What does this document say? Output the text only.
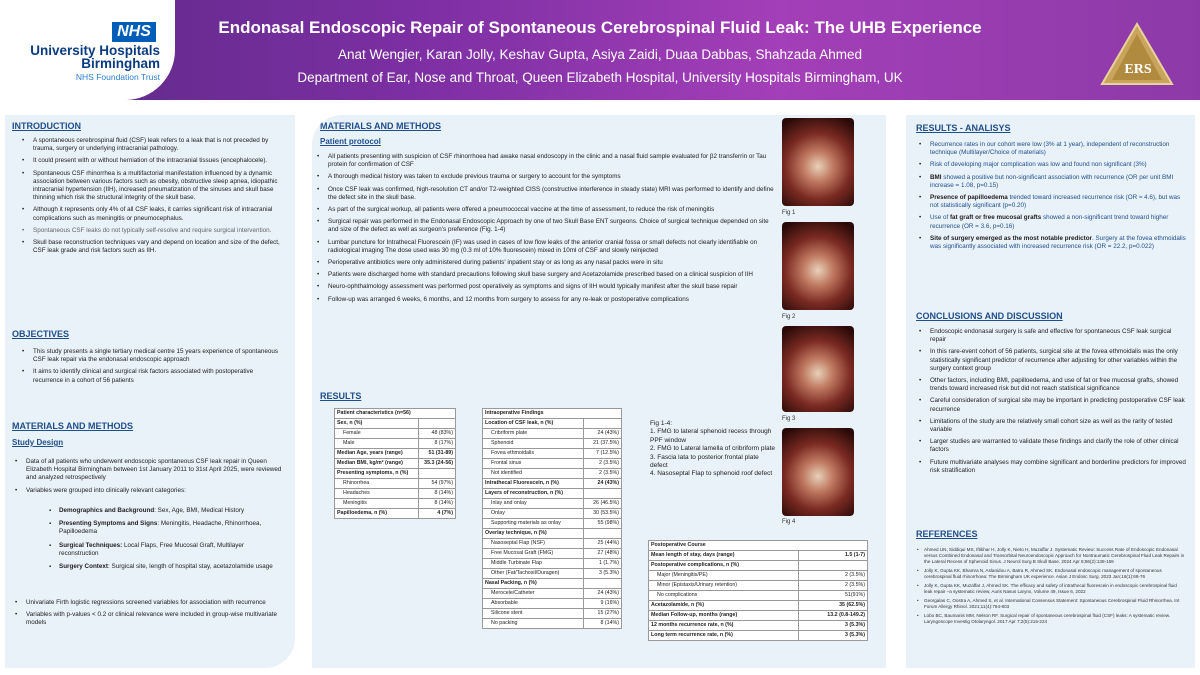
NHS
University Hospitals Birmingham
NHS Foundation Trust
Endonasal Endoscopic Repair of Spontaneous Cerebrospinal Fluid Leak: The UHB Experience
Anat Wengier, Karan Jolly, Keshav Gupta, Asiya Zaidi, Duaa Dabbas, Shahzada Ahmed
Department of Ear, Nose and Throat, Queen Elizabeth Hospital, University Hospitals Birmingham, UK
ERS
INTRODUCTION
• A spontaneous cerebrospinal fluid (CSF) leak refers to a leak that is not preceded by trauma, surgery or underlying intracranial pathology.
• It could present with or without herniation of the intracranial tissues (encephalocele).
• Spontaneous CSF rhinorrhea is a multifactorial manifestation influenced by a dynamic association between various factors such as obesity, obstructive sleep apnea, idiopathic intracranial hypertension (IIH), increased pneumatization of the sinuses and skull base thinning which risk the structural integrity of the skull base.
• Although it represents only 4% of all CSF leaks, it carries significant risk of intracranial complications such as meningitis or pneumocephalus.
• Spontaneous CSF leaks do not typically self-resolve and require surgical intervention.
• Skull base reconstruction techniques vary and depend on location and size of the defect, CSF leak grade and risk factors such as IIH.
OBJECTIVES
• This study presents a single tertiary medical centre 15 years experience of spontaneous CSF leak repair via the endonasal endoscopic approach
• It aims to identify clinical and surgical risk factors associated with postoperative recurrence in a cohort of 56 patients
MATERIALS AND METHODS
Study Design
• Data of all patients who underwent endoscopic spontaneous CSF leak repair in Queen Elizabeth Hospital Birmingham between 1st January 2011 to 31st April 2025, were reviewed and analyzed retrospectively
• Variables were grouped into clinically relevant categories:
▪ Demographics and Background: Sex, Age, BMI, Medical History
▪ Presenting Symptoms and Signs: Meningitis, Headache, Rhinorrhoea, Papilloedema
▪ Surgical Techniques: Local Flaps, Free Mucosal Graft, Multilayer reconstruction
▪ Surgery Context: Surgical site, length of hospital stay, acetazolamide usage
• Univariate Firth logistic regressions screened variables for association with recurrence
• Variables with p-values < 0.2 or clinical relevance were included in group-wise multivariate models
MATERIALS AND METHODS
Patient protocol
• All patients presenting with suspicion of CSF rhinorrhoea had awake nasal endoscopy in the clinic and a nasal fluid sample evaluated for β2 transferrin or Tau protein for confirmation of CSF
• A thorough medical history was taken to exclude previous trauma or surgery to account for the symptoms
• Once CSF leak was confirmed, high-resolution CT and/or T2-weighted CISS (constructive interference in steady state) MRI was performed to identify and define the defect site in the skull base.
• As part of the surgical workup, all patients were offered a pneumococcal vaccine at the time of assessment, to reduce the risk of meningitis
• Surgical repair was performed in the Endonasal Endoscopic Approach by one of two Skull Base ENT surgeons. Choice of surgical technique depended on site and size of the defect as well as surgeon’s preference (Fig. 1-4)
• Lumbar puncture for Intrathecal Fluorescein (IF) was used in cases of low flow leaks of the anterior cranial fossa or small defects not clearly identifiable on radiological imaging The dose used was 30 mg (0.3 ml of 10% fluorescein) mixed in 10ml of CSF and slowly reinjected
• Perioperative antibiotics were only administered during patients' inpatient stay or as long as any nasal packs were in situ
• Patients were discharged home with standard precautions following skull base surgery and Acetazolamide prescribed based on a clinical suspicion of IIH
• Neuro-ophthalmology assessment was performed post operatively as symptoms and signs of IIH would typically manifest after the skull base repair
• Follow-up was arranged 6 weeks, 6 months, and 12 months from surgery to assess for any re-leak or postoperative complications
RESULTS
Patient characteristics (n=56)	
Sex, n (%)	
Female	48 (83%)
Male	8 (17%)
Median Age, years (range)	51 (31-89)
Median BMI, kg/m² (range)	35.3 (24-56)
Presenting symptoms, n (%)	
Rhinorrhea	54 (97%)
Headaches	8 (14%)
Meningitis	8 (14%)
Papilloedema, n (%)	4 (7%)
Intraoperative Findings	
Location of CSF leak, n (%)	
Cribriform plate	24 (43%)
Sphenoid	21 (37.5%)
Fovea ethmoidalis	7 (12.5%)
Frontal sinus	2 (3.5%)
Not identified	2 (3.5%)
Intrathecal Fluorescein, n (%)	24 (43%)
Layers of reconstruction, n (%)	
Inlay and onlay	26 (46.5%)
Onlay	30 (53.5%)
Supporting materials as onlay	55 (98%)
Overlay technique, n (%)	
Nasoseptal Flap (NSF)	25 (44%)
Free Mucosal Graft (FMG)	27 (48%)
Middle Turbinate Flap	1 (1.7%)
Other (Fat/Tachosil/Duragen)	3 (5.3%)
Nasal Packing, n (%)	
Merocele/Catheter	24 (43%)
Absorbable	9 (16%)
Silicone stent	15 (27%)
No packing	8 (14%)
Postoperative Course	
Mean length of stay, days (range)	1.5 (1-7)
Postoperative complications, n (%)	
Major (Meningitis/PE)	2 (3.5%)
Minor (Epistaxis/Urinary retention)	2 (3.5%)
No complications	51(91%)
Acetazolamide, n (%)	35 (62.5%)
Median Follow-up, months (range)	13.2 (0.8-149.2)
12 months recurrence rate, n (%)	3 (5.3%)
Long term recurrence rate, n (%)	3 (5.3%)
Fig 1
Fig 2
Fig 3
Fig 4
Fig 1-4:
1. FMG to lateral sphenoid recess through PPF window
2. FMG to Lateral lamella of cribriform plate
3. Fascia lata to posterior frontal plate defect
4. Nasoseptal Flap to sphenoid roof defect
RESULTS - ANALISYS
• Recurrence rates in our cohort were low (3% at 1 year), independent of reconstruction technique (Multilayer/Choice of materials)
• Risk of developing major complication was low and found non significant (3%)
• BMI showed a positive but non-significant association with recurrence (OR per unit BMI increase = 1.08, p=0.15)
• Presence of papilloedema trended toward increased recurrence risk (OR ≈ 4.6), but was not statistically significant (p=0.20)
• Use of fat graft or free mucosal grafts showed a non-significant trend toward higher recurrence (OR = 3.6, p=0.16)
• Site of surgery emerged as the most notable predictor. Surgery at the fovea ethmoidalis was significantly associated with increased recurrence risk (OR = 22.2, p=0.022)
CONCLUSIONS AND DISCUSSION
• Endoscopic endonasal surgery is safe and effective for spontaneous CSF leak surgical repair
• In this rare-event cohort of 56 patients, surgical site at the fovea ethmoidalis was the only statistically significant predictor of recurrence after adjusting for other variables within the surgery context group
• Other factors, including BMI, papilloedema, and use of fat or free mucosal grafts, showed trends toward increased risk but did not reach statistical significance
• Careful consideration of surgical site may be important in predicting postoperative CSF leak recurrence
• Limitations of the study are the relatively small cohort size as well as the rarity of tested variable
• Larger studies are warranted to validate these findings and clarify the role of other clinical factors
• Future multivariate analyses may combine significant and borderline predictors for improved risk stratification
REFERENCES
• Ahmed UN, Siddiqui MS, Iftikhar H, Jolly K, Nieto H, Muzaffar J. Systematic Review: Success Rate of Endoscopic Endonasal versus Combined Endonasal and Transorbital Neuroendoscopic Approach for Nontraumatic Cerebrospinal Fluid Leak Repairs in the Lateral Recess of Sphenoid Sinus. J Neurol Surg B Skull Base. 2024 Apr 8;86(2):138-159
• Jolly K, Gupta KK, Bhamra N, Aslanidou A, Batra R, Ahmed SK. Endonasal endoscopic management of spontaneous cerebrospinal fluid rhinorrhoea: The Birmingham UK experience. Asian J Endosc Surg. 2023 Jan;16(1):68-76
• Jolly K, Gupta KK, Muzaffar J, Ahmed SK. The efficacy and safety of intrathecal fluorescein in endoscopic cerebrospinal fluid leak repair –a systematic review, Auris Nasus Larynx, Volume 49, Issue 6, 2022
• Georgalas C, Oostra A, Ahmed S, et al. International Consensus Statement: Spontaneous Cerebrospinal Fluid Rhinorrhea. Int Forum Allergy Rhinol. 2021;11(4):794-803
• Lobo BC, Baumanis MM, Nelson RF. Surgical repair of spontaneous cerebrospinal fluid (CSF) leaks: A systematic review. Laryngoscope Investig Otolaryngol. 2017 Apr 7;2(5):215-224
